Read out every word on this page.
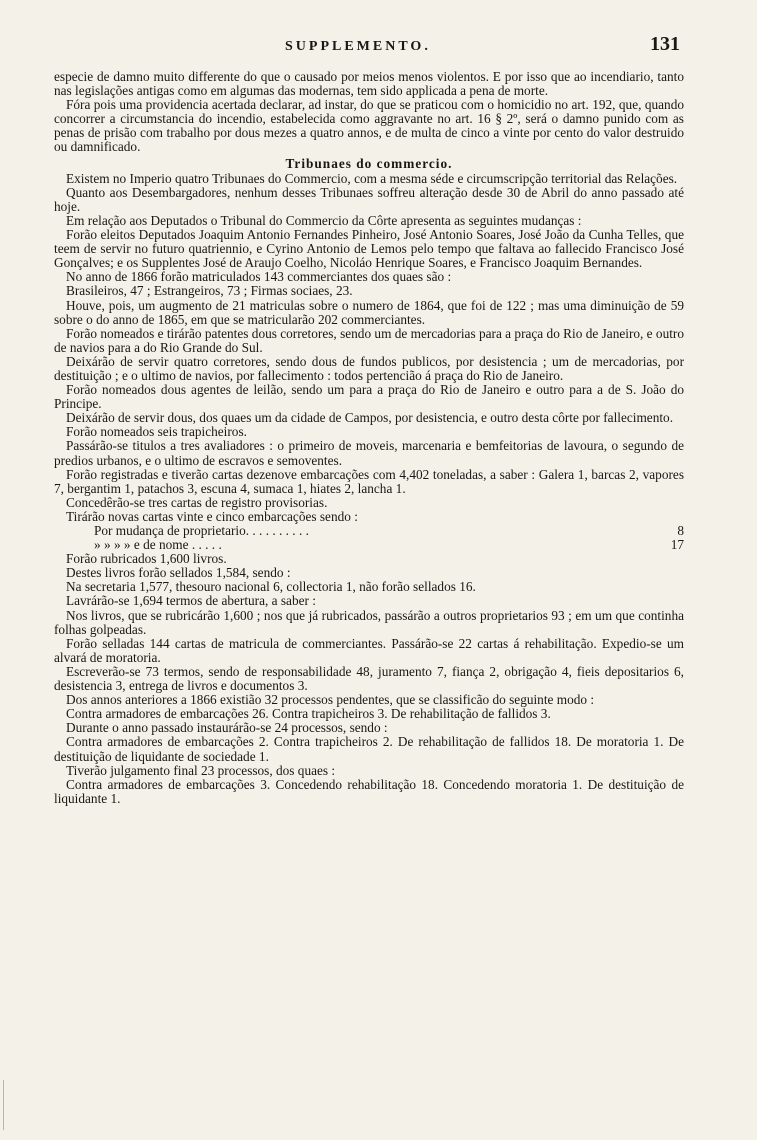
SUPPLEMENTO.	131

especie de damno muito differente do que o causado por meios menos violentos. E por isso que ao incendiario, tanto nas legislações antigas como em algumas das modernas, tem sido applicada a pena de morte.

Fóra pois uma providencia acertada declarar, ad instar, do que se praticou com o homicidio no art. 192, que, quando concorrer a circumstancia do incendio, estabelecida como aggravante no art. 16 § 2º, será o damno punido com as penas de prisão com trabalho por dous mezes a quatro annos, e de multa de cinco a vinte por cento do valor destruido ou damnificado.

Tribunaes do commercio.

Existem no Imperio quatro Tribunaes do Commercio, com a mesma séde e circumscripção territorial das Relações.

Quanto aos Desembargadores, nenhum desses Tribunaes soffreu alteração desde 30 de Abril do anno passado até hoje.

Em relação aos Deputados o Tribunal do Commercio da Côrte apresenta as seguintes mudanças :

Forão eleitos Deputados Joaquim Antonio Fernandes Pinheiro, José Antonio Soares, José João da Cunha Telles, que teem de servir no futuro quatriennio, e Cyrino Antonio de Lemos pelo tempo que faltava ao fallecido Francisco José Gonçalves; e os Supplentes José de Araujo Coelho, Nicoláo Henrique Soares, e Francisco Joaquim Bernandes.

No anno de 1866 forão matriculados 143 commerciantes dos quaes são :

Brasileiros, 47 ; Estrangeiros, 73 ; Firmas sociaes, 23.

Houve, pois, um augmento de 21 matriculas sobre o numero de 1864, que foi de 122 ; mas uma diminuição de 59 sobre o do anno de 1865, em que se matricularão 202 commerciantes.

Forão nomeados e tirárão patentes dous corretores, sendo um de mercadorias para a praça do Rio de Janeiro, e outro de navios para a do Rio Grande do Sul.

Deixárão de servir quatro corretores, sendo dous de fundos publicos, por desistencia ; um de mercadorias, por destituição ; e o ultimo de navios, por fallecimento : todos pertencião á praça do Rio de Janeiro.

Forão nomeados dous agentes de leilão, sendo um para a praça do Rio de Janeiro e outro para a de S. João do Principe.

Deixárão de servir dous, dos quaes um da cidade de Campos, por desistencia, e outro desta côrte por fallecimento.

Forão nomeados seis trapicheiros.

Passárão-se titulos a tres avaliadores : o primeiro de moveis, marcenaria e bemfeitorias de lavoura, o segundo de predios urbanos, e o ultimo de escravos e semoventes.

Forão registradas e tiverão cartas dezenove embarcações com 4,402 toneladas, a saber : Galera 1, barcas 2, vapores 7, bergantim 1, patachos 3, escuna 4, sumaca 1, hiates 2, lancha 1.

Concedêrão-se tres cartas de registro provisorias.

Tirárão novas cartas vinte e cinco embarcações sendo :

Por mudança de proprietario. . . . . . . . . .	8
» » » » e de nome . . . . .	17

Forão rubricados 1,600 livros.

Destes livros forão sellados 1,584, sendo :

Na secretaria 1,577, thesouro nacional 6, collectoria 1, não forão sellados 16.

Lavrárão-se 1,694 termos de abertura, a saber :

Nos livros, que se rubricárão 1,600 ; nos que já rubricados, passárão a outros proprietarios 93 ; em um que continha folhas golpeadas.

Forão selladas 144 cartas de matricula de commerciantes. Passárão-se 22 cartas á rehabilitação. Expedio-se um alvará de moratoria.

Escreverão-se 73 termos, sendo de responsabilidade 48, juramento 7, fiança 2, obrigação 4, fieis depositarios 6, desistencia 3, entrega de livros e documentos 3.

Dos annos anteriores a 1866 existião 32 processos pendentes, que se classificão do seguinte modo :

Contra armadores de embarcações 26. Contra trapicheiros 3. De rehabilitação de fallidos 3.

Durante o anno passado instaurárão-se 24 processos, sendo :

Contra armadores de embarcações 2. Contra trapicheiros 2. De rehabilitação de fallidos 18. De moratoria 1. De destituição de liquidante de sociedade 1.

Tiverão julgamento final 23 processos, dos quaes :

Contra armadores de embarcações 3. Concedendo rehabilitação 18. Concedendo moratoria 1. De destituição de liquidante 1.
